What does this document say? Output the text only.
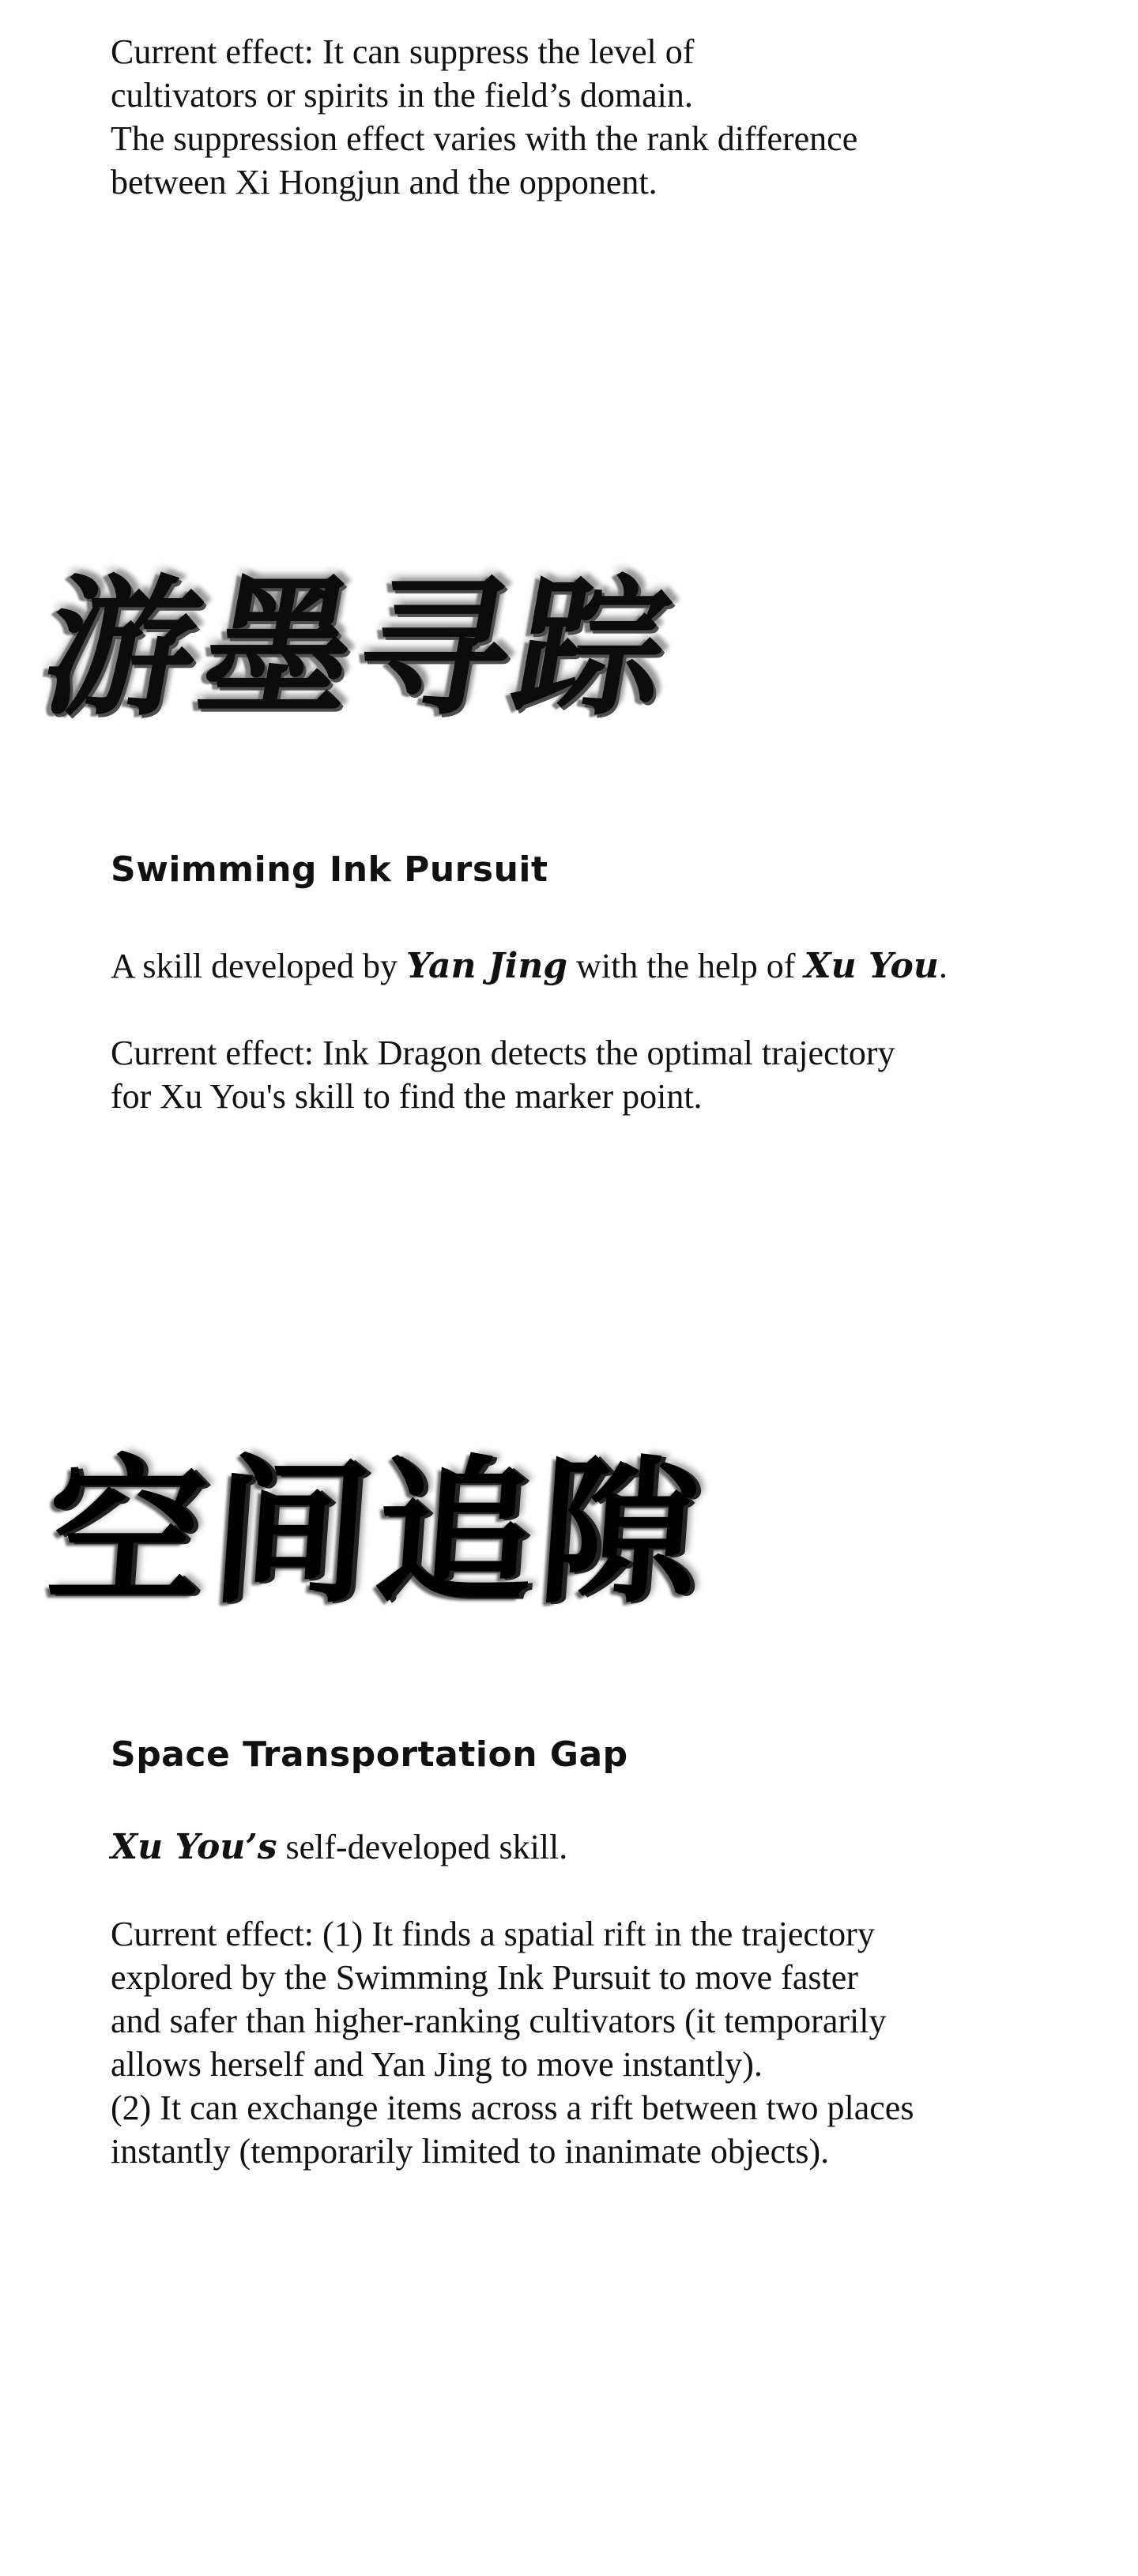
Current effect: It can suppress the level of
cultivators or spirits in the field’s domain.
The suppression effect varies with the rank difference
between Xi Hongjun and the opponent.

游墨寻踪
Swimming Ink Pursuit

A skill developed by Yan Jing with the help of Xu You.

Current effect: Ink Dragon detects the optimal trajectory
for Xu You's skill to find the marker point.

空间追隙
Space Transportation Gap

Xu You’s self-developed skill.

Current effect: (1) It finds a spatial rift in the trajectory
explored by the Swimming Ink Pursuit to move faster
and safer than higher-ranking cultivators (it temporarily
allows herself and Yan Jing to move instantly).
(2) It can exchange items across a rift between two places
instantly (temporarily limited to inanimate objects).
